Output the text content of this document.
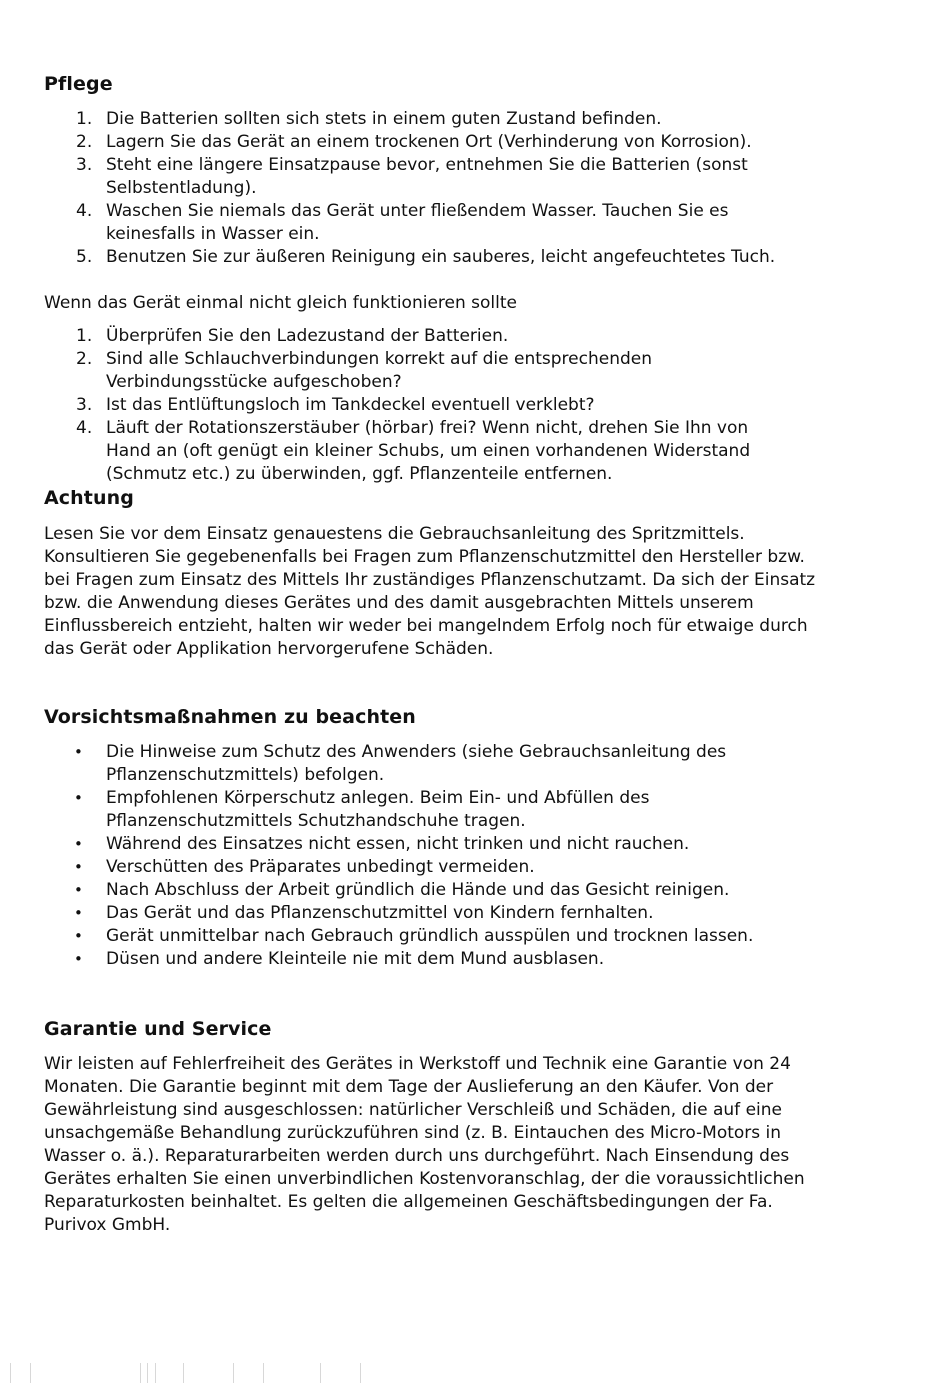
Pflege
1. Die Batterien sollten sich stets in einem guten Zustand befinden.
2. Lagern Sie das Gerät an einem trockenen Ort (Verhinderung von Korrosion).
3. Steht eine längere Einsatzpause bevor, entnehmen Sie die Batterien (sonst
Selbstentladung).
4. Waschen Sie niemals das Gerät unter fließendem Wasser. Tauchen Sie es
keinesfalls in Wasser ein.
5. Benutzen Sie zur äußeren Reinigung ein sauberes, leicht angefeuchtetes Tuch.

Wenn das Gerät einmal nicht gleich funktionieren sollte

1. Überprüfen Sie den Ladezustand der Batterien.
2. Sind alle Schlauchverbindungen korrekt auf die entsprechenden
Verbindungsstücke aufgeschoben?
3. Ist das Entlüftungsloch im Tankdeckel eventuell verklebt?
4. Läuft der Rotationszerstäuber (hörbar) frei? Wenn nicht, drehen Sie Ihn von
Hand an (oft genügt ein kleiner Schubs, um einen vorhandenen Widerstand
(Schmutz etc.) zu überwinden, ggf. Pflanzenteile entfernen.
Achtung

Lesen Sie vor dem Einsatz genauestens die Gebrauchsanleitung des Spritzmittels.
Konsultieren Sie gegebenenfalls bei Fragen zum Pflanzenschutzmittel den Hersteller bzw.
bei Fragen zum Einsatz des Mittels Ihr zuständiges Pflanzenschutzamt. Da sich der Einsatz
bzw. die Anwendung dieses Gerätes und des damit ausgebrachten Mittels unserem
Einflussbereich entzieht, halten wir weder bei mangelndem Erfolg noch für etwaige durch
das Gerät oder Applikation hervorgerufene Schäden.

Vorsichtsmaßnahmen zu beachten
• Die Hinweise zum Schutz des Anwenders (siehe Gebrauchsanleitung des
Pflanzenschutzmittels) befolgen.
• Empfohlenen Körperschutz anlegen. Beim Ein- und Abfüllen des
Pflanzenschutzmittels Schutzhandschuhe tragen.
• Während des Einsatzes nicht essen, nicht trinken und nicht rauchen.
• Verschütten des Präparates unbedingt vermeiden.
• Nach Abschluss der Arbeit gründlich die Hände und das Gesicht reinigen.
• Das Gerät und das Pflanzenschutzmittel von Kindern fernhalten.
• Gerät unmittelbar nach Gebrauch gründlich ausspülen und trocknen lassen.
• Düsen und andere Kleinteile nie mit dem Mund ausblasen.
Garantie und Service

Wir leisten auf Fehlerfreiheit des Gerätes in Werkstoff und Technik eine Garantie von 24
Monaten. Die Garantie beginnt mit dem Tage der Auslieferung an den Käufer. Von der
Gewährleistung sind ausgeschlossen: natürlicher Verschleiß und Schäden, die auf eine
unsachgemäße Behandlung zurückzuführen sind (z. B. Eintauchen des Micro-Motors in
Wasser o. ä.). Reparaturarbeiten werden durch uns durchgeführt. Nach Einsendung des
Gerätes erhalten Sie einen unverbindlichen Kostenvoranschlag, der die voraussichtlichen
Reparaturkosten beinhaltet. Es gelten die allgemeinen Geschäftsbedingungen der Fa.
Purivox GmbH.
